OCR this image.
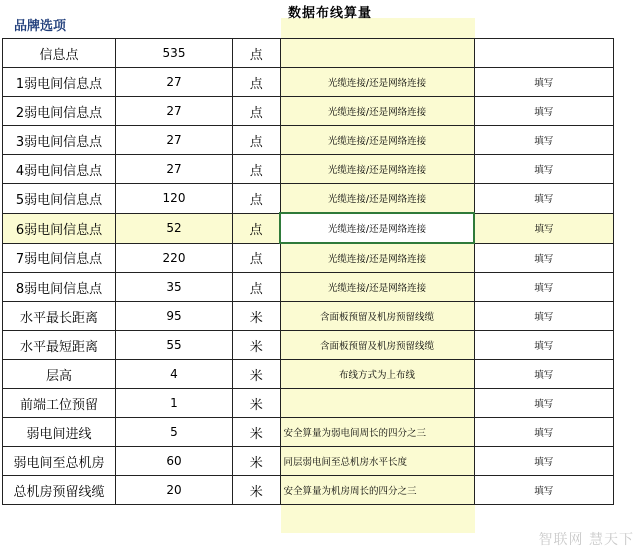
数据布线算量
品牌选项
信息点	535	点		
1弱电间信息点	27	点	光缆连接/还是网络连接	填写
2弱电间信息点	27	点	光缆连接/还是网络连接	填写
3弱电间信息点	27	点	光缆连接/还是网络连接	填写
4弱电间信息点	27	点	光缆连接/还是网络连接	填写
5弱电间信息点	120	点	光缆连接/还是网络连接	填写
6弱电间信息点	52	点	光缆连接/还是网络连接	填写
7弱电间信息点	220	点	光缆连接/还是网络连接	填写
8弱电间信息点	35	点	光缆连接/还是网络连接	填写
水平最长距离	95	米	含面板预留及机房预留线缆	填写
水平最短距离	55	米	含面板预留及机房预留线缆	填写
层高	4	米	布线方式为上布线	填写
前端工位预留	1	米		填写
弱电间进线	5	米	安全算量为弱电间周长的四分之三	填写
弱电间至总机房	60	米	同层弱电间至总机房水平长度	填写
总机房预留线缆	20	米	安全算量为机房周长的四分之三	填写
智联网 慧天下
